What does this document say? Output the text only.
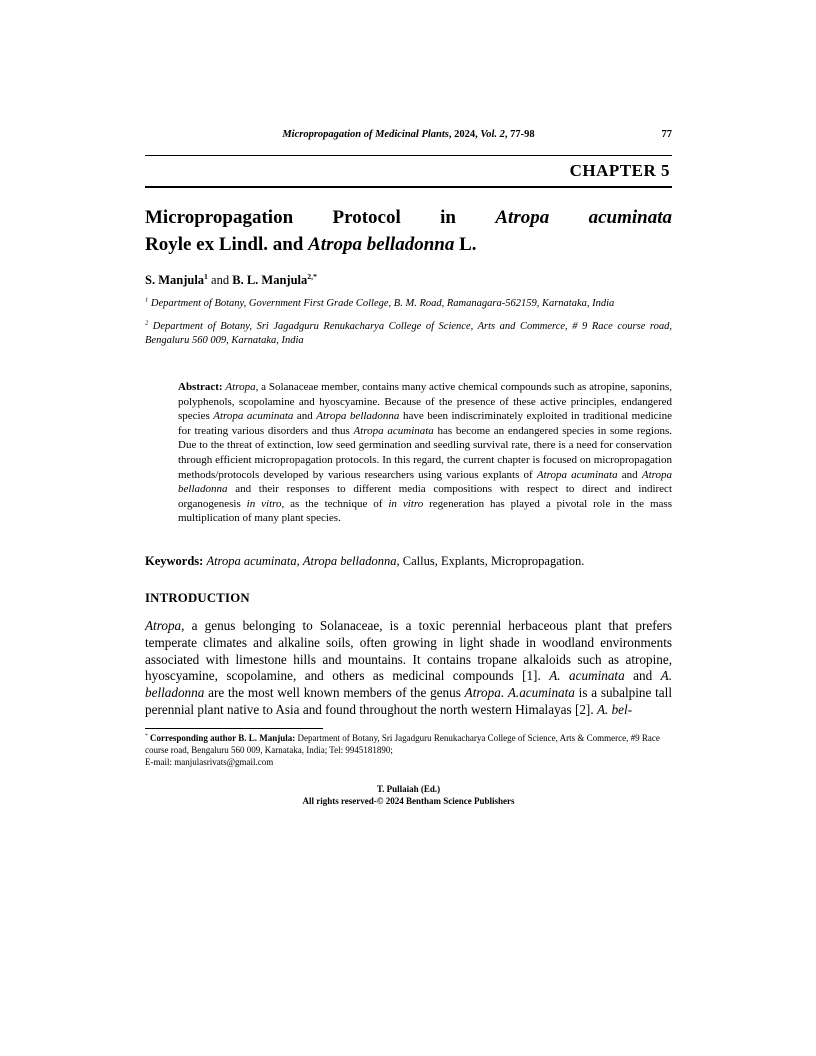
Micropropagation of Medicinal Plants, 2024, Vol. 2, 77-98	77
CHAPTER 5
Micropropagation Protocol in Atropa acuminata
Royle ex Lindl. and Atropa belladonna L.
S. Manjula$^1$ and B. L. Manjula$^{2,*}$

$^1$ Department of Botany, Government First Grade College, B. M. Road, Ramanagara-562159, Karnataka, India

$^2$ Department of Botany, Sri Jagadguru Renukacharya College of Science, Arts and Commerce, # 9 Race course road, Bengaluru 560 009, Karnataka, India

Abstract: Atropa, a Solanaceae member, contains many active chemical compounds such as atropine, saponins, polyphenols, scopolamine and hyoscyamine. Because of the presence of these active principles, endangered species Atropa acuminata and Atropa belladonna have been indiscriminately exploited in traditional medicine for treating various disorders and thus Atropa acuminata has become an endangered species in some regions. Due to the threat of extinction, low seed germination and seedling survival rate, there is a need for conservation through efficient micropropagation protocols. In this regard, the current chapter is focused on micropropagation methods/protocols developed by various researchers using various explants of Atropa acuminata and Atropa belladonna and their responses to different media compositions with respect to direct and indirect organogenesis in vitro, as the technique of in vitro regeneration has played a pivotal role in the mass multiplication of many plant species.

Keywords: Atropa acuminata, Atropa belladonna, Callus, Explants, Micropropagation.

INTRODUCTION

Atropa, a genus belonging to Solanaceae, is a toxic perennial herbaceous plant that prefers temperate climates and alkaline soils, often growing in light shade in woodland environments associated with limestone hills and mountains. It contains tropane alkaloids such as atropine, hyoscyamine, scopolamine, and others as medicinal compounds [1]. A. acuminata and A. belladonna are the most well known members of the genus Atropa. A.acuminata is a subalpine tall perennial plant native to Asia and found throughout the north western Himalayas [2]. A. bel-

* Corresponding author B. L. Manjula: Department of Botany, Sri Jagadguru Renukacharya College of Science, Arts & Commerce, #9 Race course road, Bengaluru 560 009, Karnataka, India; Tel: 9945181890;
E-mail: manjulasrivats@gmail.com

T. Pullaiah (Ed.)
All rights reserved-© 2024 Bentham Science Publishers
